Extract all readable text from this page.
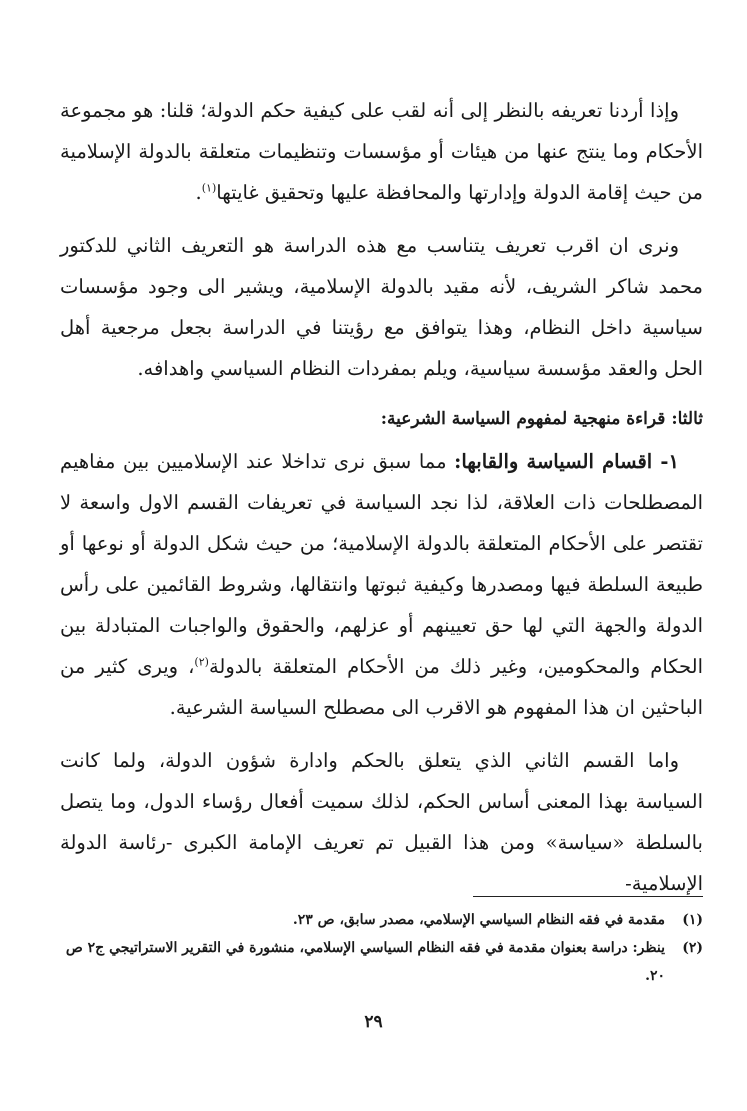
وإذا أردنا تعريفه بالنظر إلى أنه لقب على كيفية حكم الدولة؛ قلنا: هو مجموعة الأحكام وما ينتج عنها من هيئات أو مؤسسات وتنظيمات متعلقة بالدولة الإسلامية من حيث إقامة الدولة وإدارتها والمحافظة عليها وتحقيق غايتها$^{(١)}$.

ونرى ان اقرب تعريف يتناسب مع هذه الدراسة هو التعريف الثاني للدكتور محمد شاكر الشريف، لأنه مقيد بالدولة الإسلامية، ويشير الى وجود مؤسسات سياسية داخل النظام، وهذا يتوافق مع رؤيتنا في الدراسة بجعل مرجعية أهل الحل والعقد مؤسسة سياسية، ويلم بمفردات النظام السياسي واهدافه.

ثالثا: قراءة منهجية لمفهوم السياسة الشرعية:

١- اقسام السياسة والقابها: مما سبق نرى تداخلا عند الإسلاميين بين مفاهيم المصطلحات ذات العلاقة، لذا نجد السياسة في تعريفات القسم الاول واسعة لا تقتصر على الأحكام المتعلقة بالدولة الإسلامية؛ من حيث شكل الدولة أو نوعها أو طبيعة السلطة فيها ومصدرها وكيفية ثبوتها وانتقالها، وشروط القائمين على رأس الدولة والجهة التي لها حق تعيينهم أو عزلهم، والحقوق والواجبات المتبادلة بين الحكام والمحكومين، وغير ذلك من الأحكام المتعلقة بالدولة$^{(٢)}$، ويرى كثير من الباحثين ان هذا المفهوم هو الاقرب الى مصطلح السياسة الشرعية.

واما القسم الثاني الذي يتعلق بالحكم وادارة شؤون الدولة، ولما كانت السياسة بهذا المعنى أساس الحكم، لذلك سميت أفعال رؤساء الدول، وما يتصل بالسلطة «سياسة» ومن هذا القبيل تم تعريف الإمامة الكبرى -رئاسة الدولة الإسلامية-

(١)
مقدمة في فقه النظام السياسي الإسلامي، مصدر سابق، ص ٢٣.
(٢)
ينظر: دراسة بعنوان مقدمة في فقه النظام السياسي الإسلامي، منشورة في التقرير الاستراتيجي ج٢ ص ٢٠.
٢٩
